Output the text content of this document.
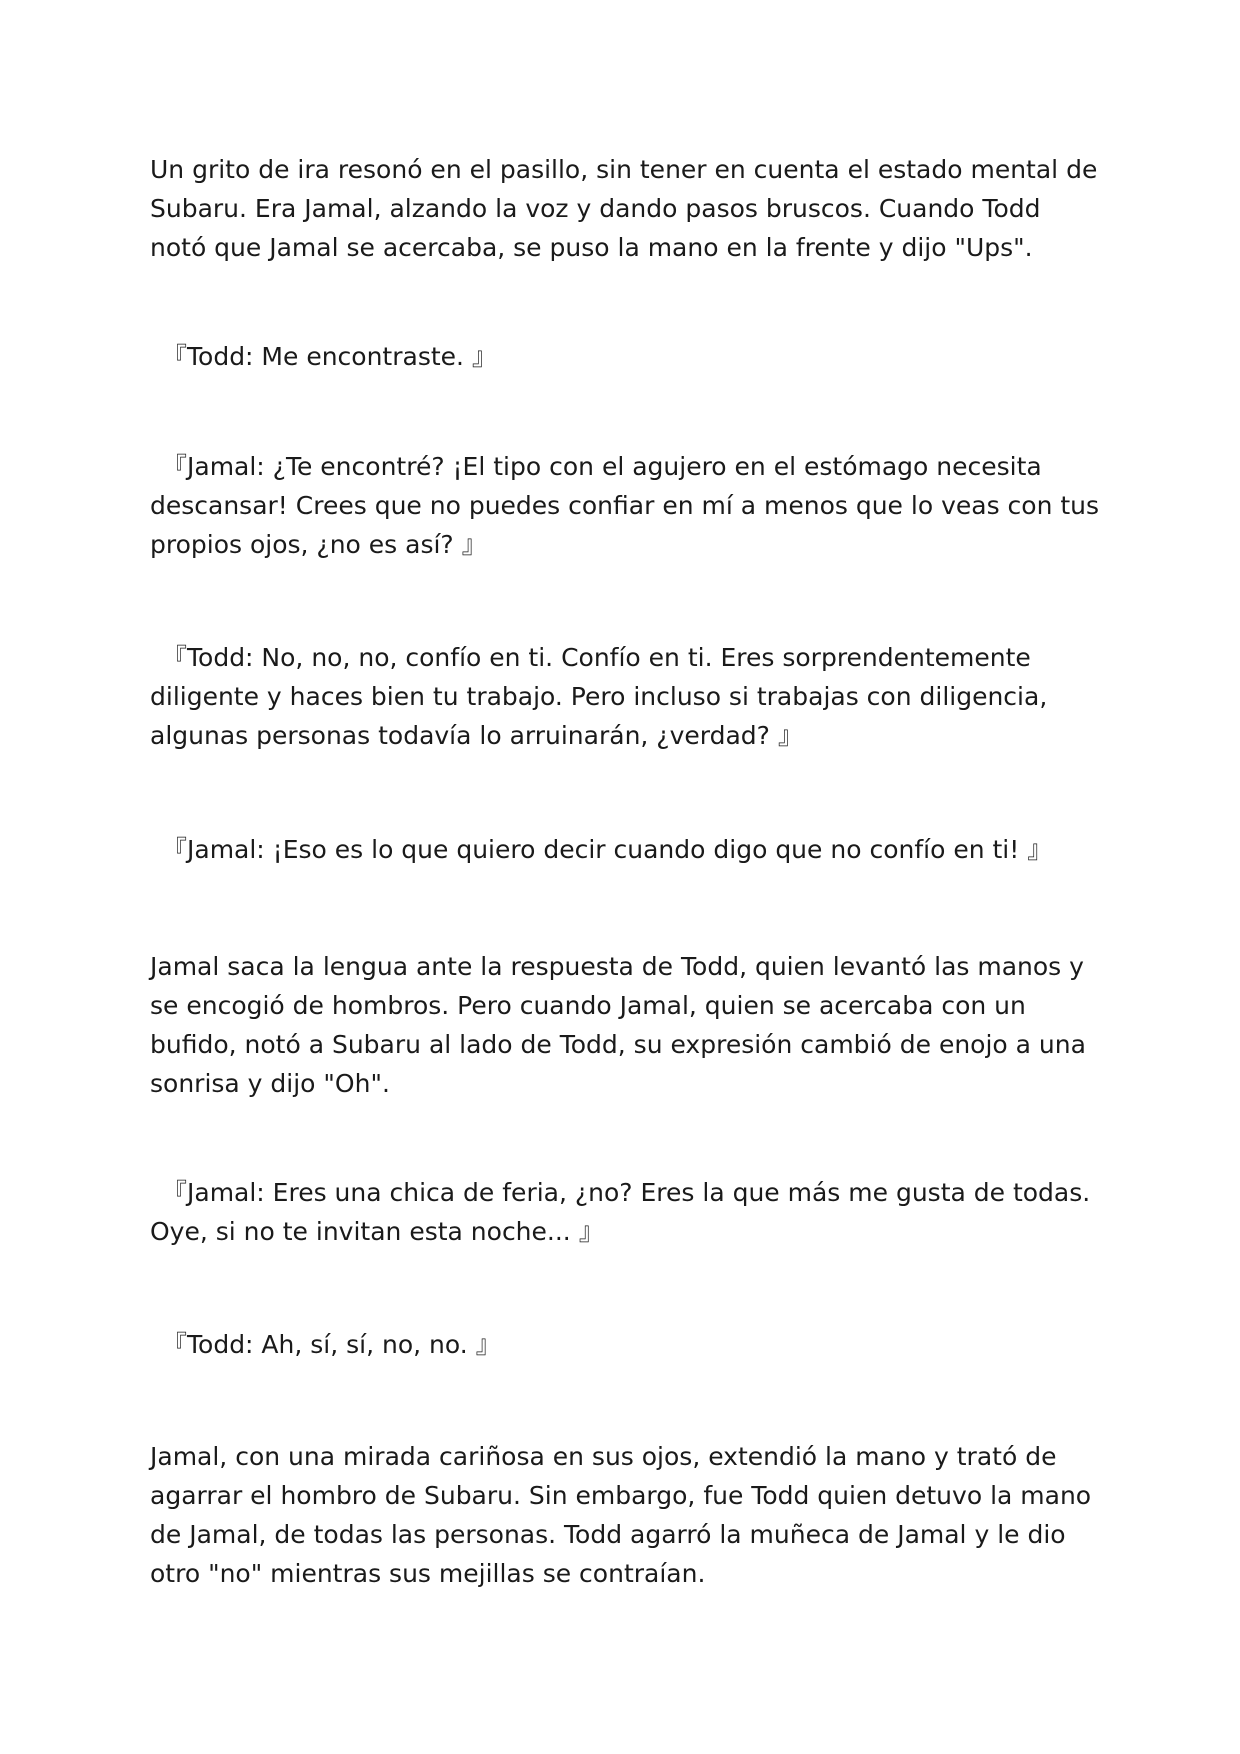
Un grito de ira resonó en el pasillo, sin tener en cuenta el estado mental de Subaru. Era Jamal, alzando la voz y dando pasos bruscos. Cuando Todd notó que Jamal se acercaba, se puso la mano en la frente y dijo "Ups".

『Todd: Me encontraste. 』

『Jamal: ¿Te encontré? ¡El tipo con el agujero en el estómago necesita descansar! Crees que no puedes confiar en mí a menos que lo veas con tus propios ojos, ¿no es así? 』

『Todd: No, no, no, confío en ti. Confío en ti. Eres sorprendentemente diligente y haces bien tu trabajo. Pero incluso si trabajas con diligencia, algunas personas todavía lo arruinarán, ¿verdad? 』

『Jamal: ¡Eso es lo que quiero decir cuando digo que no confío en ti! 』

Jamal saca la lengua ante la respuesta de Todd, quien levantó las manos y se encogió de hombros. Pero cuando Jamal, quien se acercaba con un bufido, notó a Subaru al lado de Todd, su expresión cambió de enojo a una sonrisa y dijo "Oh".

『Jamal: Eres una chica de feria, ¿no? Eres la que más me gusta de todas. Oye, si no te invitan esta noche... 』

『Todd: Ah, sí, sí, no, no. 』

Jamal, con una mirada cariñosa en sus ojos, extendió la mano y trató de agarrar el hombro de Subaru. Sin embargo, fue Todd quien detuvo la mano de Jamal, de todas las personas. Todd agarró la muñeca de Jamal y le dio otro "no" mientras sus mejillas se contraían.
